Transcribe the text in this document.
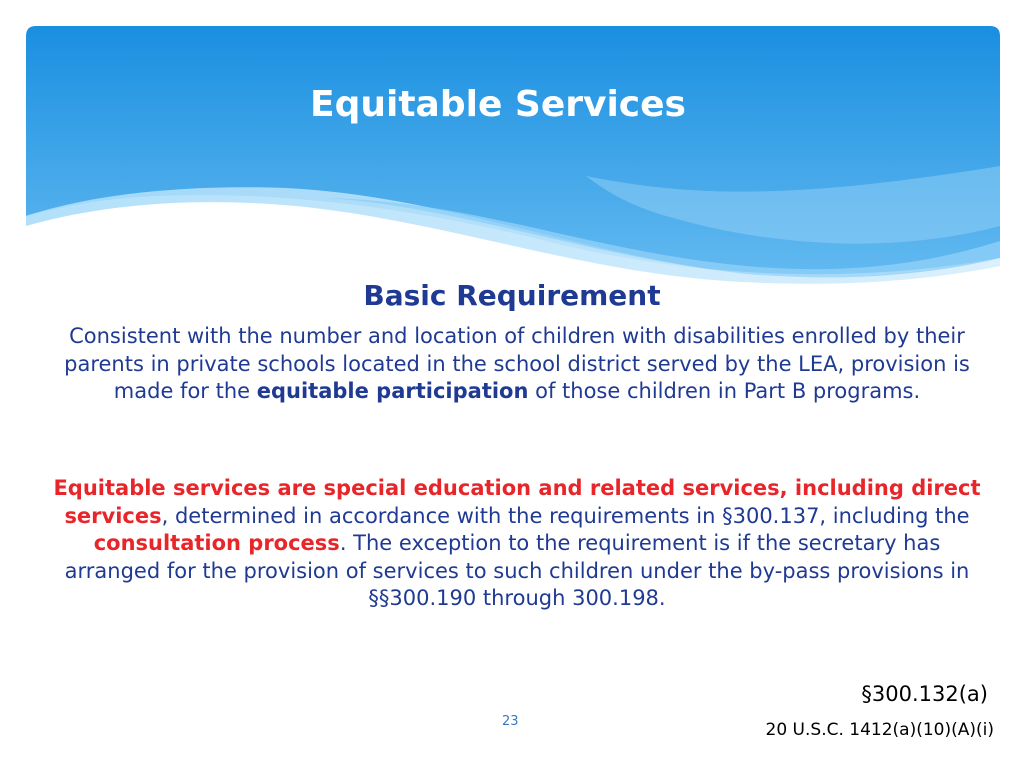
Equitable Services
Basic Requirement

Consistent with the number and location of children with disabilities enrolled by their parents in private schools located in the school district served by the LEA, provision is made for the equitable participation of those children in Part B programs.

Equitable services are special education and related services, including direct services, determined in accordance with the requirements in §300.137, including the consultation process. The exception to the requirement is if the secretary has arranged for the provision of services to such children under the by-pass provisions in §§300.190 through 300.198.

§300.132(a)

20 U.S.C. 1412(a)(10)(A)(i)

23
